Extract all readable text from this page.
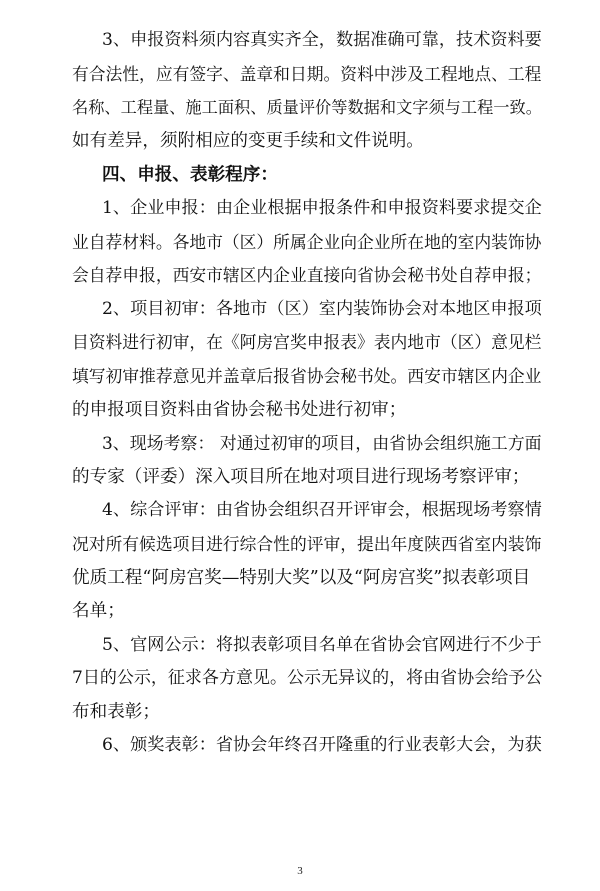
3、申报资料须内容真实齐全，数据准确可靠，技术资料要
有合法性，应有签字、盖章和日期。资料中涉及工程地点、工程
名称、工程量、施工面积、质量评价等数据和文字须与工程一致。
如有差异，须附相应的变更手续和文件说明。
四、申报、表彰程序：
1、企业申报：由企业根据申报条件和申报资料要求提交企
业自荐材料。各地市（区）所属企业向企业所在地的室内装饰协
会自荐申报，西安市辖区内企业直接向省协会秘书处自荐申报；
2、项目初审：各地市（区）室内装饰协会对本地区申报项
目资料进行初审，在《阿房宫奖申报表》表内地市（区）意见栏
填写初审推荐意见并盖章后报省协会秘书处。西安市辖区内企业
的申报项目资料由省协会秘书处进行初审；
3、现场考察： 对通过初审的项目，由省协会组织施工方面
的专家（评委）深入项目所在地对项目进行现场考察评审；
4、综合评审：由省协会组织召开评审会，根据现场考察情
况对所有候选项目进行综合性的评审，提出年度陕西省室内装饰
优质工程“阿房宫奖—特别大奖”以及“阿房宫奖”拟表彰项目
名单；
5、官网公示：将拟表彰项目名单在省协会官网进行不少于
7日的公示，征求各方意见。公示无异议的，将由省协会给予公
布和表彰；
6、颁奖表彰：省协会年终召开隆重的行业表彰大会，为获
3
